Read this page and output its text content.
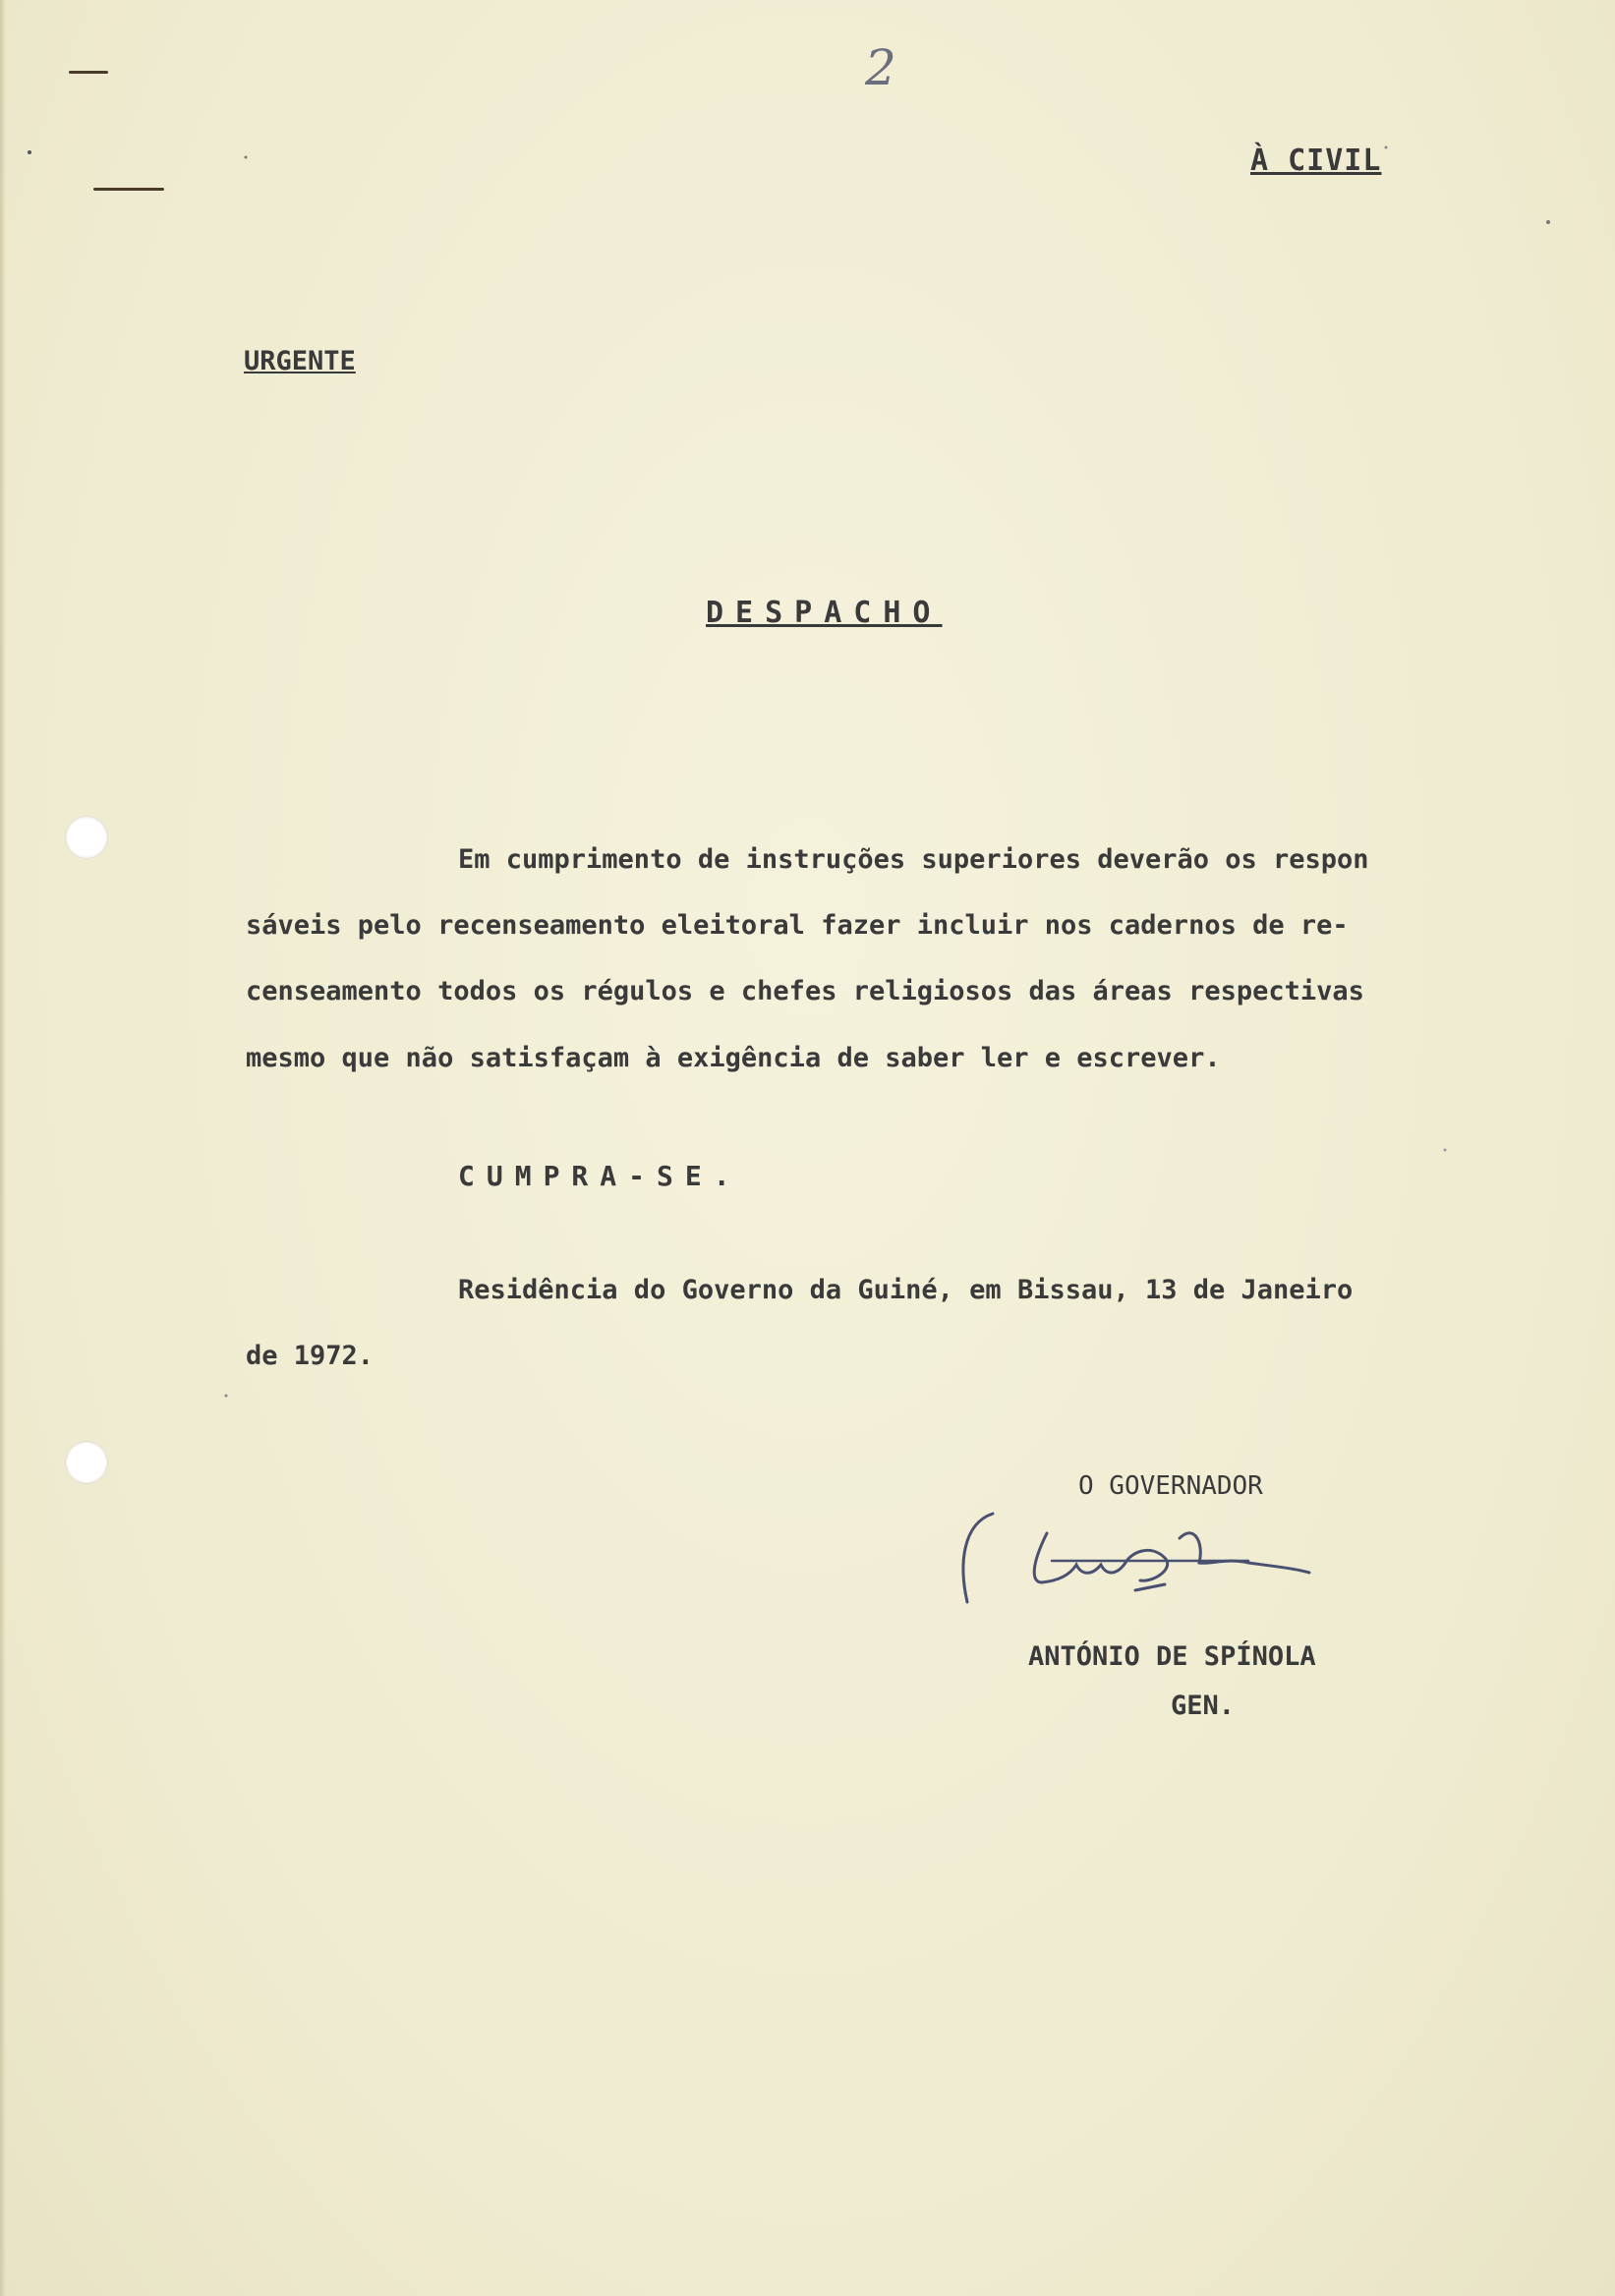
2
À CIVIL
URGENTE
DESPACHO
Em cumprimento de instruções superiores deverão os respon
sáveis pelo recenseamento eleitoral fazer incluir nos cadernos de re-
censeamento todos os régulos e chefes religiosos das áreas respectivas
mesmo que não satisfaçam à exigência de saber ler e escrever.
CUMPRA-SE.
Residência do Governo da Guiné, em Bissau, 13 de Janeiro
de 1972.
O GOVERNADOR
ANTÓNIO DE SPÍNOLA
GEN.
